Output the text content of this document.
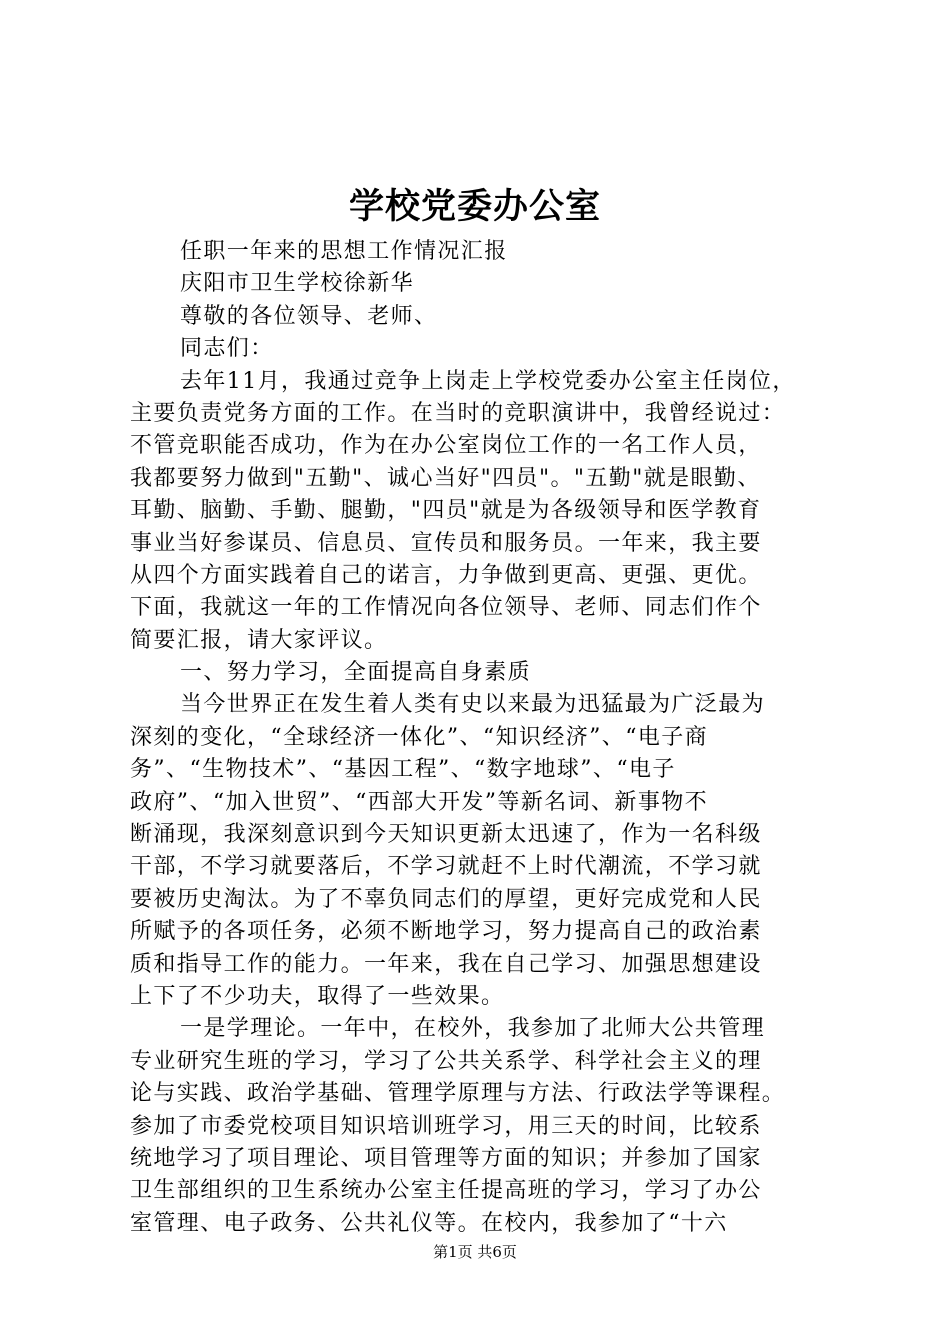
学校党委办公室
任职一年来的思想工作情况汇报
庆阳市卫生学校徐新华
尊敬的各位领导、老师、
同志们：
去年11月，我通过竞争上岗走上学校党委办公室主任岗位，
主要负责党务方面的工作。在当时的竞职演讲中，我曾经说过：
不管竞职能否成功，作为在办公室岗位工作的一名工作人员，
我都要努力做到"五勤"、诚心当好"四员"。"五勤"就是眼勤、
耳勤、脑勤、手勤、腿勤，"四员"就是为各级领导和医学教育
事业当好参谋员、信息员、宣传员和服务员。一年来，我主要
从四个方面实践着自己的诺言，力争做到更高、更强、更优。
下面，我就这一年的工作情况向各位领导、老师、同志们作个
简要汇报，请大家评议。
一、努力学习，全面提高自身素质
当今世界正在发生着人类有史以来最为迅猛最为广泛最为
深刻的变化，“全球经济一体化”、“知识经济”、“电子商
务”、“生物技术”、“基因工程”、“数字地球”、“电子
政府”、“加入世贸”、“西部大开发”等新名词、新事物不
断涌现，我深刻意识到今天知识更新太迅速了，作为一名科级
干部，不学习就要落后，不学习就赶不上时代潮流，不学习就
要被历史淘汰。为了不辜负同志们的厚望，更好完成党和人民
所赋予的各项任务，必须不断地学习，努力提高自己的政治素
质和指导工作的能力。一年来，我在自己学习、加强思想建设
上下了不少功夫，取得了一些效果。
一是学理论。一年中，在校外，我参加了北师大公共管理
专业研究生班的学习，学习了公共关系学、科学社会主义的理
论与实践、政治学基础、管理学原理与方法、行政法学等课程。
参加了市委党校项目知识培训班学习，用三天的时间，比较系
统地学习了项目理论、项目管理等方面的知识；并参加了国家
卫生部组织的卫生系统办公室主任提高班的学习，学习了办公
室管理、电子政务、公共礼仪等。在校内，我参加了“十六
第1页 共6页
